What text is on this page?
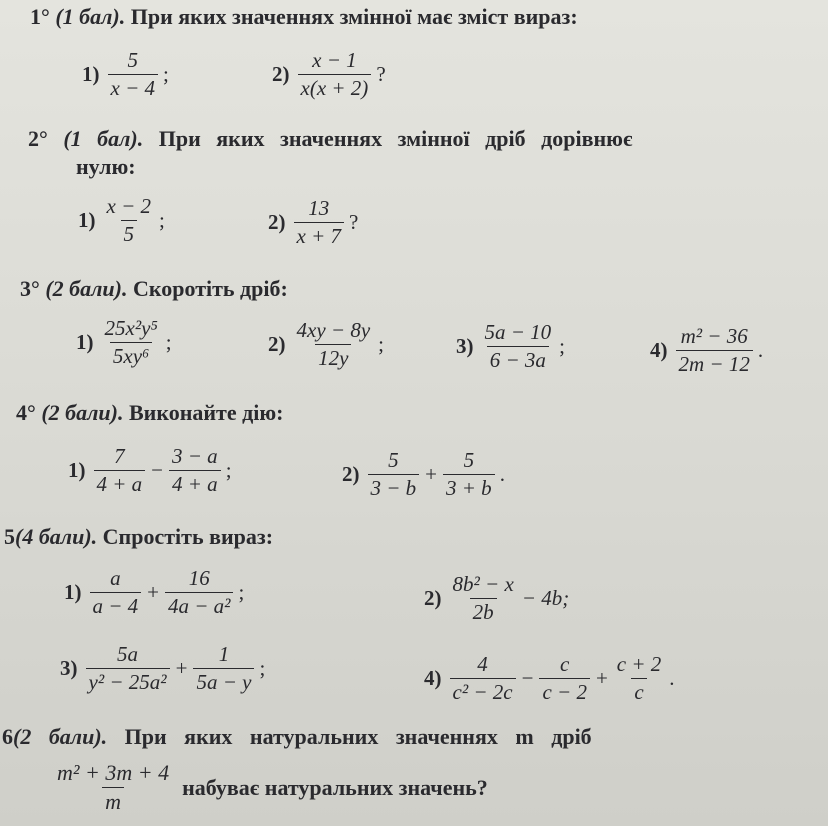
1° (1 бал). При яких значеннях змінної має зміст вираз:
$1) \frac{5}{x - 4}$ ;	$2) \frac{x - 1}{x(x + 2)}$ ?
2° (1 бал). При яких значеннях змінної дріб дорівнює
нулю:
$1) \frac{x - 2}{5}$ ;	$2) \frac{13}{x + 7}$ ?
3° (2 бали). Скоротіть дріб:
$1) \frac{\text{25x²y⁵}}{\text{5xy⁶}}$ ;	$2) \frac{4xy - 8y}{12y}$ ;	$3) \frac{5a - 10}{6 - 3a}$ ;	$4) \frac{\text{m² − 36}}{2m - 12}$ .
4° (2 бали). Виконайте дію:
$1) \frac{7}{4 + a} - \frac{3 - a}{4 + a}$ ;	$2) \frac{5}{3 - b} + \frac{5}{3 + b}$ .
5(4 бали). Спростіть вираз:
$1) \frac{a}{a - 4} + \frac{16}{\text{4a − a²}}$ ;	$2) \frac{\text{8b² − x}}{2b} - 4b$;
$3) \frac{5a}{\text{y² − 25a²}} + \frac{1}{5a - y}$ ;	$4) \frac{4}{\text{c² − 2c}} - \frac{c}{c - 2} + \frac{c + 2}{c}$ .
6(2 бали). При яких натуральних значеннях m дріб
$\frac{\text{m² + 3m + 4}}{m}$ набуває натуральних значень?
